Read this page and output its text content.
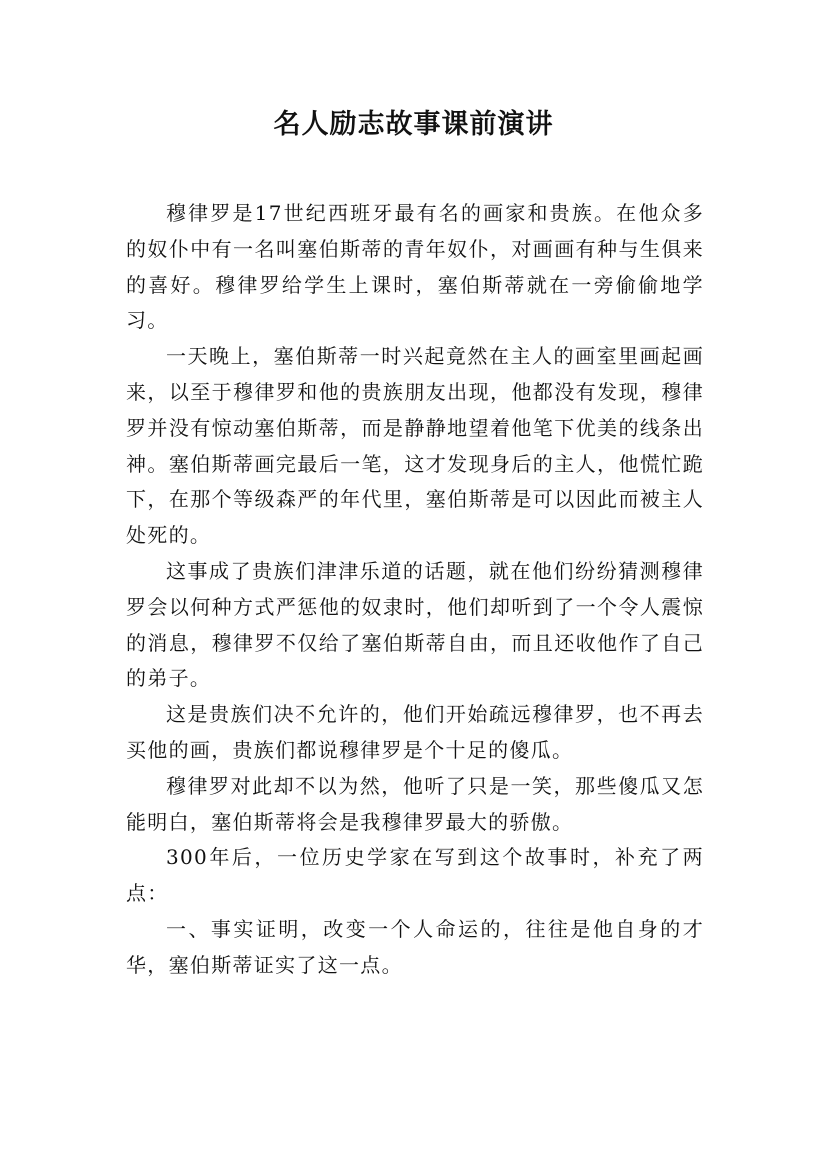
名人励志故事课前演讲

穆律罗是17世纪西班牙最有名的画家和贵族。在他众多的奴仆中有一名叫塞伯斯蒂的青年奴仆，对画画有种与生俱来的喜好。穆律罗给学生上课时，塞伯斯蒂就在一旁偷偷地学习。

一天晚上，塞伯斯蒂一时兴起竟然在主人的画室里画起画来，以至于穆律罗和他的贵族朋友出现，他都没有发现，穆律罗并没有惊动塞伯斯蒂，而是静静地望着他笔下优美的线条出神。塞伯斯蒂画完最后一笔，这才发现身后的主人，他慌忙跪下，在那个等级森严的年代里，塞伯斯蒂是可以因此而被主人处死的。

这事成了贵族们津津乐道的话题，就在他们纷纷猜测穆律罗会以何种方式严惩他的奴隶时，他们却听到了一个令人震惊的消息，穆律罗不仅给了塞伯斯蒂自由，而且还收他作了自己的弟子。

这是贵族们决不允许的，他们开始疏远穆律罗，也不再去买他的画，贵族们都说穆律罗是个十足的傻瓜。

穆律罗对此却不以为然，他听了只是一笑，那些傻瓜又怎能明白，塞伯斯蒂将会是我穆律罗最大的骄傲。

300年后，一位历史学家在写到这个故事时，补充了两点：

一、事实证明，改变一个人命运的，往往是他自身的才华，塞伯斯蒂证实了这一点。
